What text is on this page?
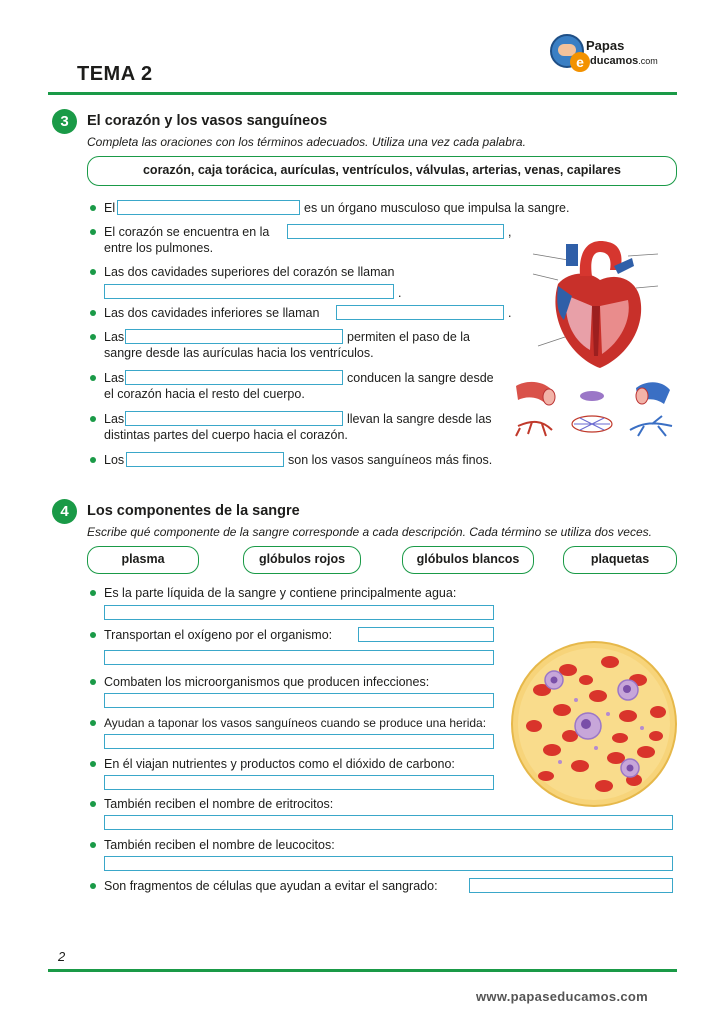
e
Papas
ducamos.com
TEMA 2
3	El corazón y los vasos sanguíneos
Completa las oraciones con los términos adecuados. Utiliza una vez cada palabra.
corazón, caja torácica, aurículas, ventrículos, válvulas, arterias, venas, capilares
El	es un órgano musculoso que impulsa la sangre.
El corazón se encuentra en la	,
entre los pulmones.
Las dos cavidades superiores del corazón se llaman
.
Las dos cavidades inferiores se llaman	.
Las	permiten el paso de la
sangre desde las aurículas hacia los ventrículos.
Las	conducen la sangre desde
el corazón hacia el resto del cuerpo.
Las	llevan la sangre desde las
distintas partes del cuerpo hacia el corazón.
Los	son los vasos sanguíneos más finos.
4	Los componentes de la sangre
Escribe qué componente de la sangre corresponde a cada descripción. Cada término se utiliza dos veces.
plasma	glóbulos rojos	glóbulos blancos	plaquetas
Es la parte líquida de la sangre y contiene principalmente agua:
Transportan el oxígeno por el organismo:
Combaten los microorganismos que producen infecciones:
Ayudan a taponar los vasos sanguíneos cuando se produce una herida:
En él viajan nutrientes y productos como el dióxido de carbono:
También reciben el nombre de eritrocitos:
También reciben el nombre de leucocitos:
Son fragmentos de células que ayudan a evitar el sangrado:
2
www.papaseducamos.com
